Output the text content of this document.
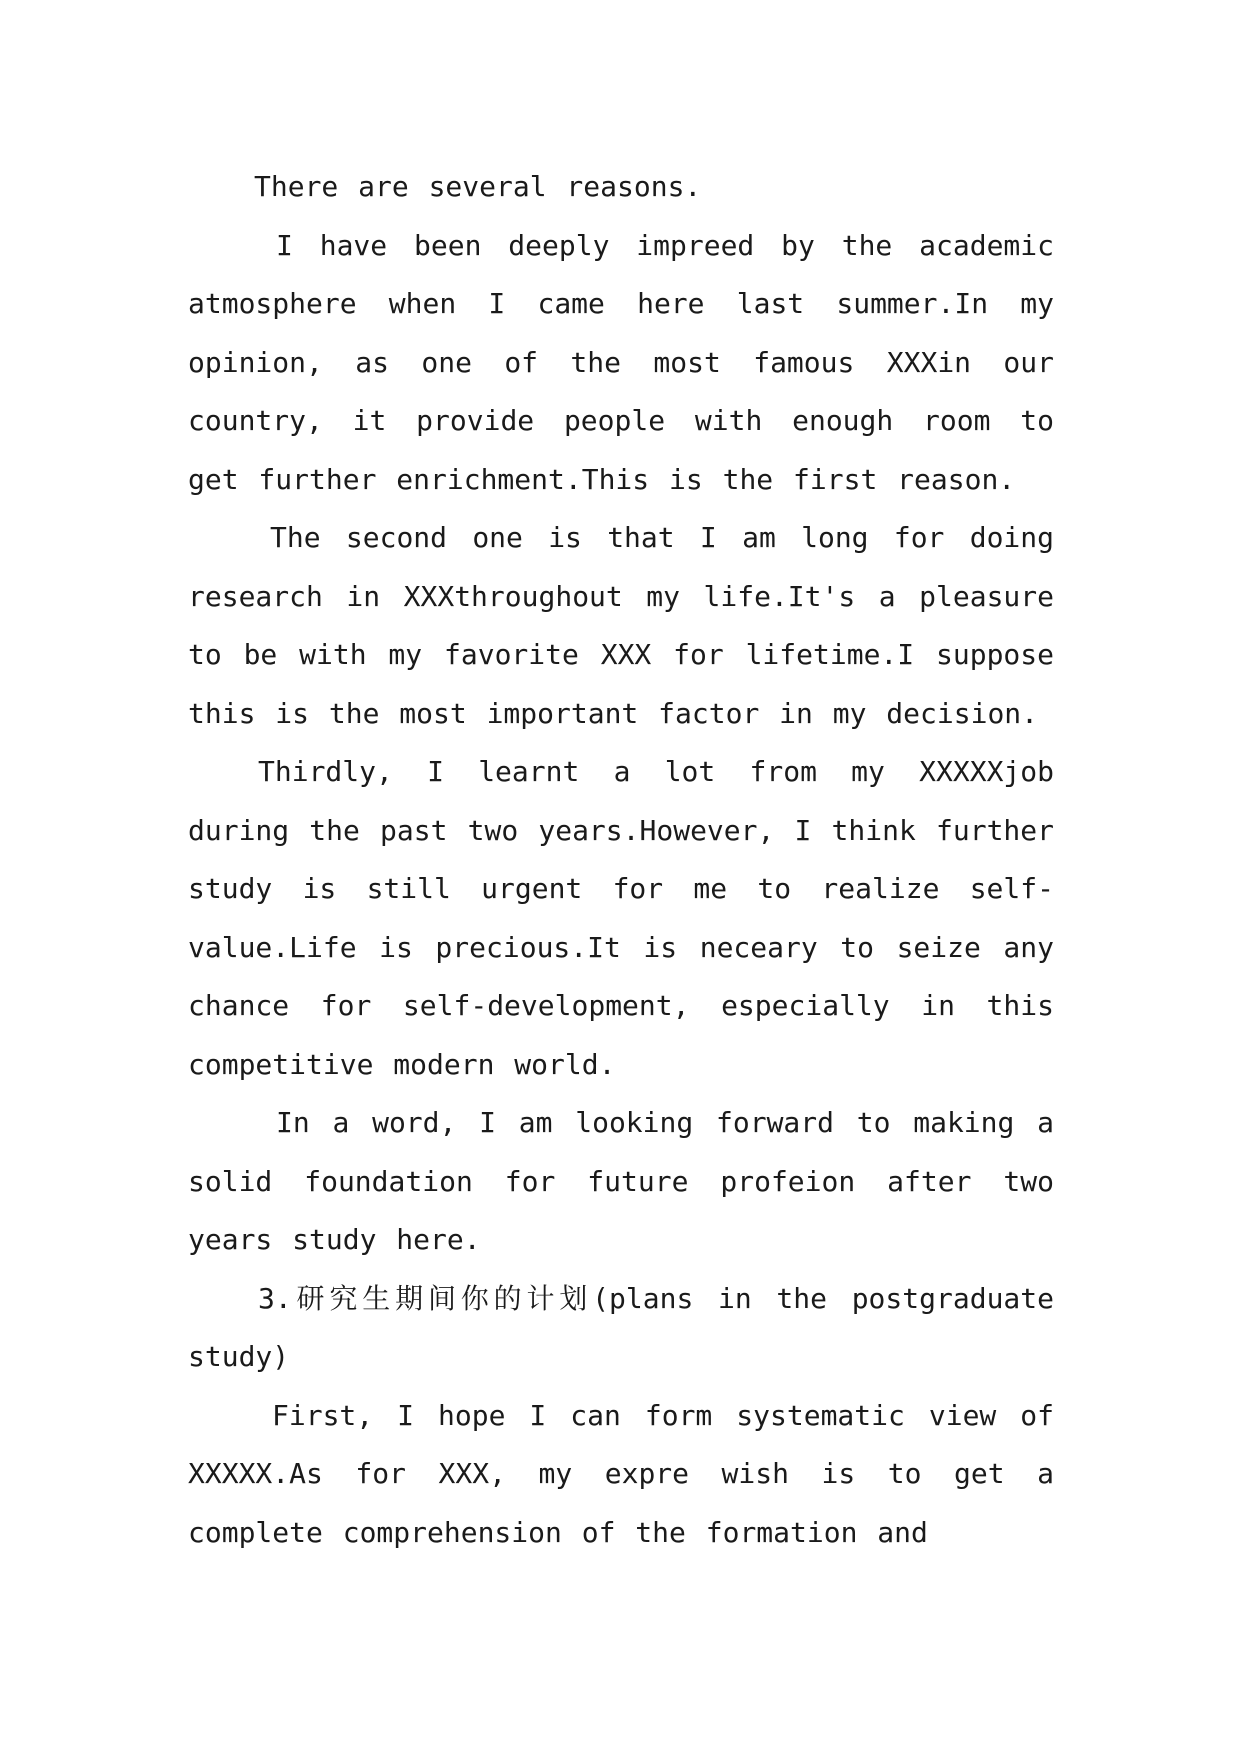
There are several reasons.

I have been deeply impreed by the academic atmosphere when I came here last summer.In my opinion, as one of the most famous XXXin our country, it provide people with enough room to get further enrichment.This is the first reason.

The second one is that I am long for doing research in XXXthroughout my life.It's a pleasure to be with my favorite XXX for lifetime.I suppose this is the most important factor in my decision.

Thirdly, I learnt a lot from my XXXXXjob during the past two years.However, I think further study is still urgent for me to realize self-value.Life is precious.It is neceary to seize any chance for self-development, especially in this competitive modern world.

In a word, I am looking forward to making a solid foundation for future profeion after two years study here.

3.研究生期间你的计划(plans in the postgraduate study)

First, I hope I can form systematic view of XXXXX.As for XXX, my expre wish is to get a complete comprehension of the formation and
